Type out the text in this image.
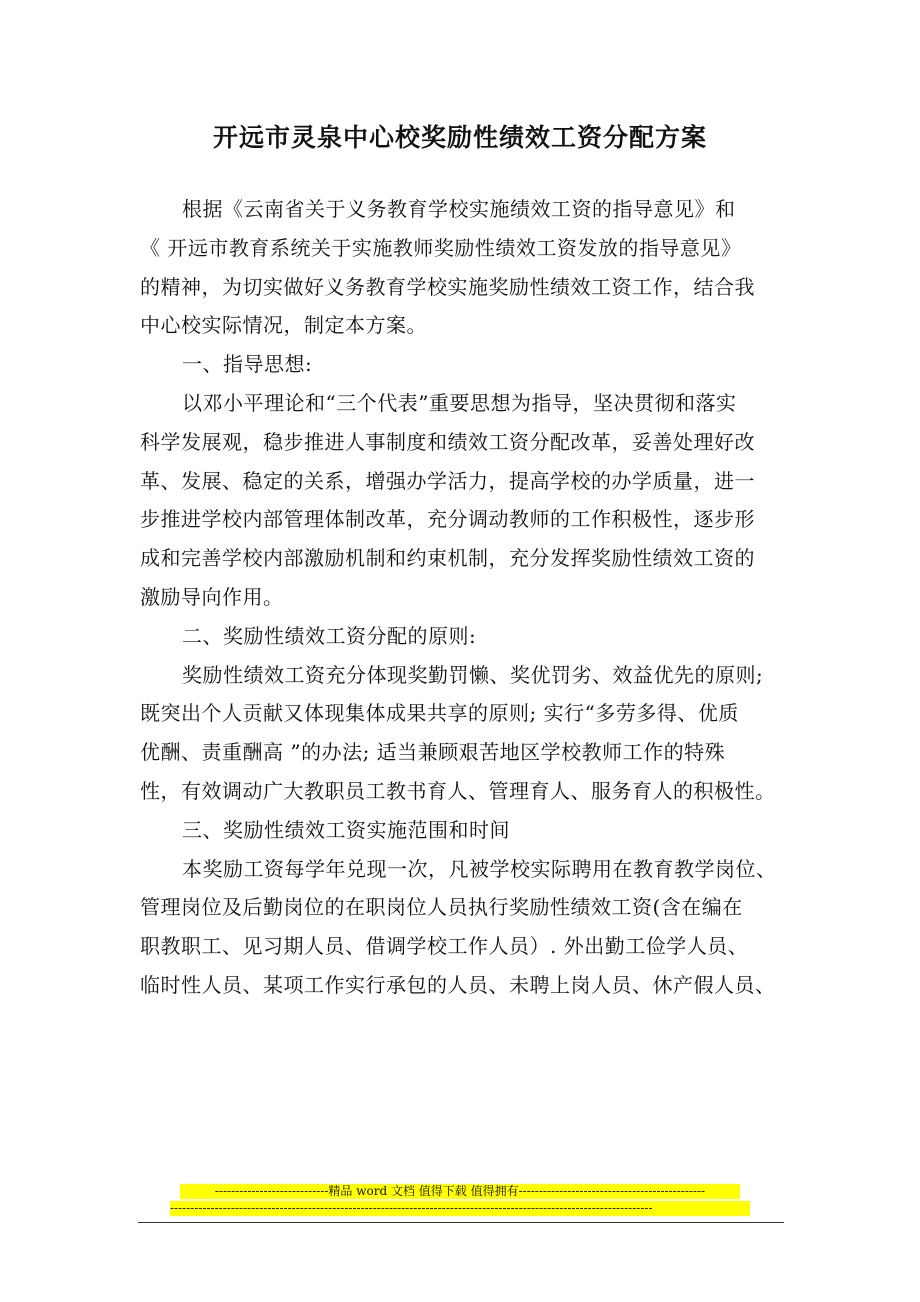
开远市灵泉中心校奖励性绩效工资分配方案
根据《云南省关于义务教育学校实施绩效工资的指导意见》和
《 开远市教育系统关于实施教师奖励性绩效工资发放的指导意见》
的精神，为切实做好义务教育学校实施奖励性绩效工资工作，结合我
中心校实际情况，制定本方案。
一、指导思想:
以邓小平理论和“三个代表”重要思想为指导，坚决贯彻和落实
科学发展观，稳步推进人事制度和绩效工资分配改革，妥善处理好改
革、发展、稳定的关系，增强办学活力，提高学校的办学质量，进一
步推进学校内部管理体制改革，充分调动教师的工作积极性，逐步形
成和完善学校内部激励机制和约束机制，充分发挥奖励性绩效工资的
激励导向作用。
二、奖励性绩效工资分配的原则:
奖励性绩效工资充分体现奖勤罚懒、奖优罚劣、效益优先的原则;
既突出个人贡献又体现集体成果共享的原则; 实行“多劳多得、优质
优酬、责重酬高 ”的办法; 适当兼顾艰苦地区学校教师工作的特殊
性，有效调动广大教职员工教书育人、管理育人、服务育人的积极性。
三、奖励性绩效工资实施范围和时间
本奖励工资每学年兑现一次，凡被学校实际聘用在教育教学岗位、
管理岗位及后勤岗位的在职岗位人员执行奖励性绩效工资(含在编在
职教职工、见习期人员、借调学校工作人员）. 外出勤工俭学人员、
临时性人员、某项工作实行承包的人员、未聘上岗人员、休产假人员、
----------------------------精品 word 文档 值得下载 值得拥有----------------------------------------------
-----------------------------------------------------------------------------------------------------------------------
